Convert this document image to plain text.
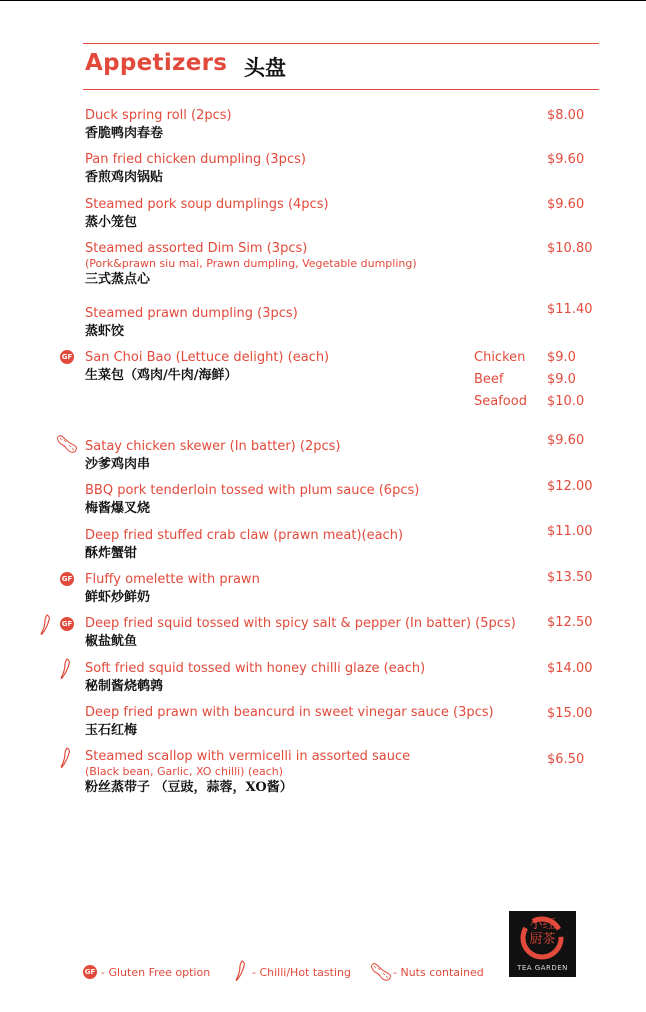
Appetizers 头盘
Duck spring roll (2pcs)
香脆鸭肉春卷
$8.00
Pan fried chicken dumpling (3pcs)
香煎鸡肉锅贴
$9.60
Steamed pork soup dumplings (4pcs)
蒸小笼包
$9.60
Steamed assorted Dim Sim (3pcs)
(Pork&prawn siu mai, Prawn dumpling, Vegetable dumpling)
三式蒸点心
$10.80
Steamed prawn dumpling (3pcs)
蒸虾饺
$11.40
GF San Choi Bao (Lettuce delight) (each)
生菜包（鸡肉/牛肉/海鲜）
Chicken $9.0
Beef	$9.0
Seafood $10.0
Satay chicken skewer (In batter) (2pcs)
沙爹鸡肉串
$9.60
BBQ pork tenderloin tossed with plum sauce (6pcs)
梅酱爆叉烧
$12.00
Deep fried stuffed crab claw (prawn meat)(each)
酥炸蟹钳
$11.00
GF Fluffy omelette with prawn
鲜虾炒鲜奶
$13.50
GF Deep fried squid tossed with spicy salt & pepper (In batter) (5pcs)
椒盐鱿鱼
$12.50
Soft fried squid tossed with honey chilli glaze (each)
秘制酱烧鹌鹑
$14.00
Deep fried prawn with beancurd in sweet vinegar sauce (3pcs)
玉石红梅
$15.00
Steamed scallop with vermicelli in assorted sauce
(Black bean, Garlic, XO chilli) (each)
粉丝蒸带子 （豆豉，蒜蓉，XO酱）
$6.50
小红
厨茶
TEA GARDEN
GF - Gluten Free option	- Chilli/Hot tasting	- Nuts contained
